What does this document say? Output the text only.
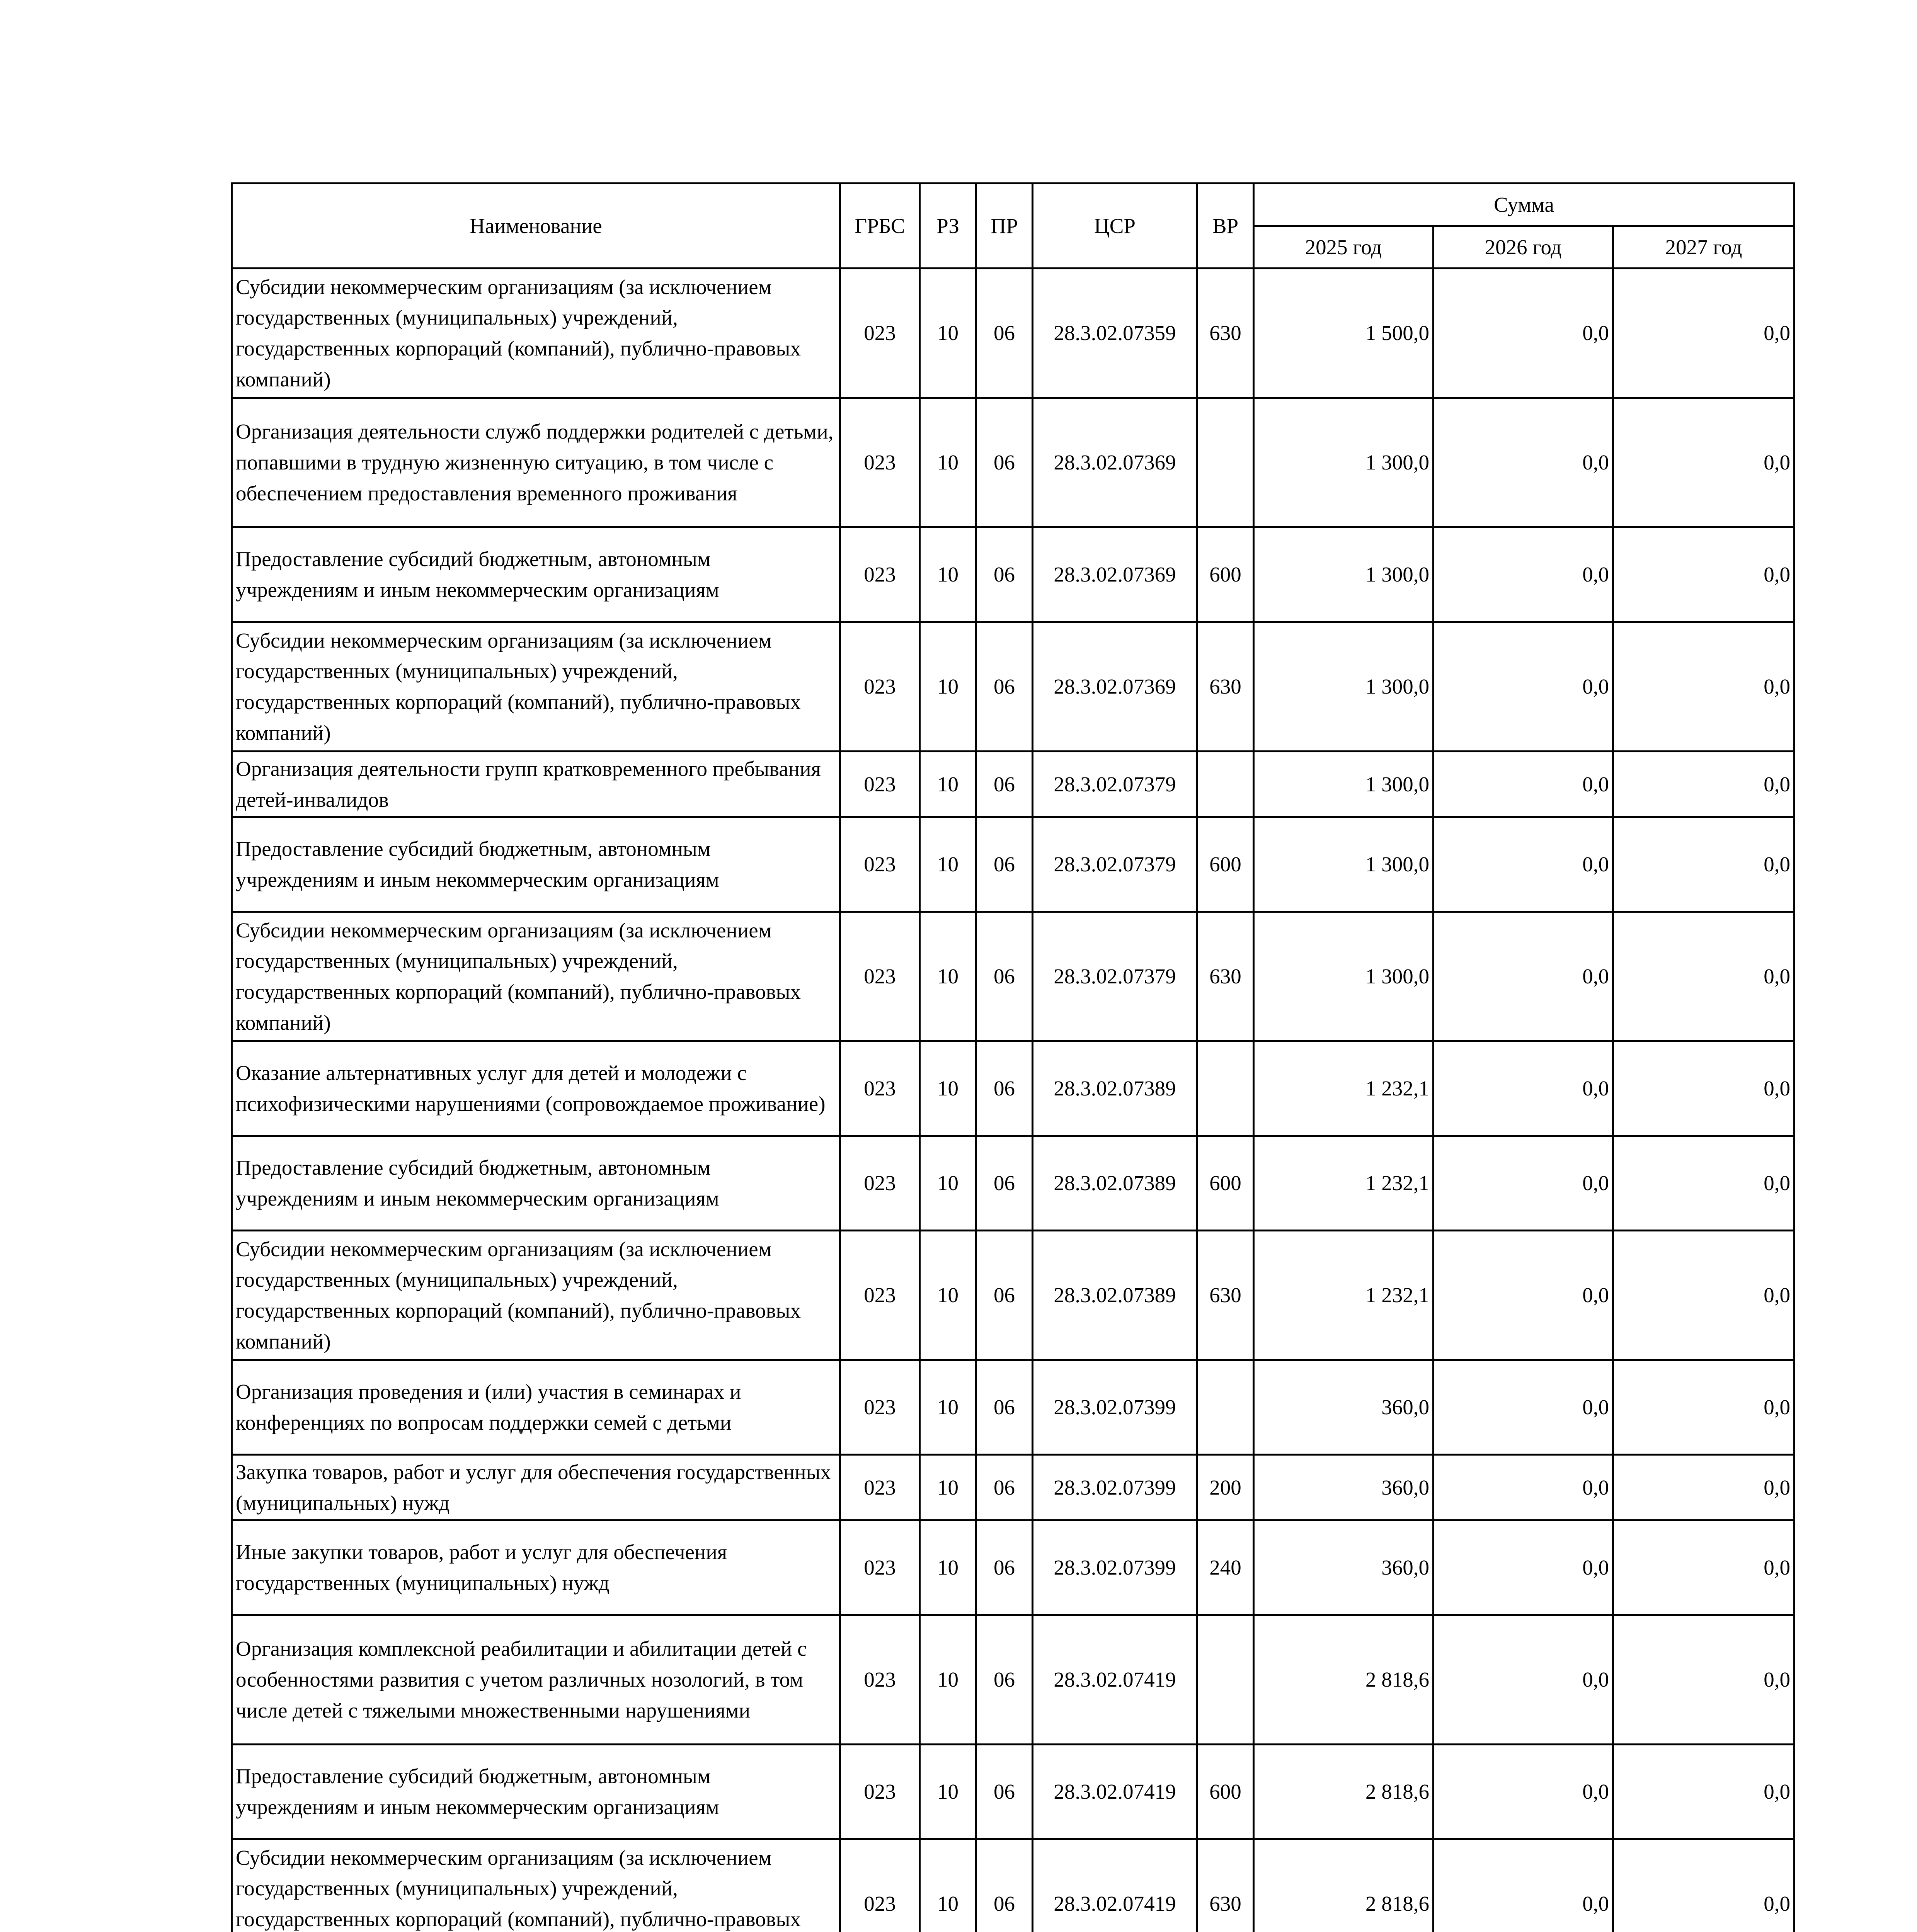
Наименование	ГРБС	РЗ	ПР	ЦСР	ВР	Сумма		
						2025 год	2026 год	2027 год
Субсидии некоммерческим организациям (за исключением государственных (муниципальных) учреждений, государственных корпораций (компаний), публично-правовых компаний)	023	10	06	28.3.02.07359	630	1 500,0	0,0	0,0
Организация деятельности служб поддержки родителей с детьми, попавшими в трудную жизненную ситуацию, в том числе с обеспечением предоставления временного проживания	023	10	06	28.3.02.07369		1 300,0	0,0	0,0
Предоставление субсидий бюджетным, автономным учреждениям и иным некоммерческим организациям	023	10	06	28.3.02.07369	600	1 300,0	0,0	0,0
Субсидии некоммерческим организациям (за исключением государственных (муниципальных) учреждений, государственных корпораций (компаний), публично-правовых компаний)	023	10	06	28.3.02.07369	630	1 300,0	0,0	0,0
Организация деятельности групп кратковременного пребывания детей-инвалидов	023	10	06	28.3.02.07379		1 300,0	0,0	0,0
Предоставление субсидий бюджетным, автономным учреждениям и иным некоммерческим организациям	023	10	06	28.3.02.07379	600	1 300,0	0,0	0,0
Субсидии некоммерческим организациям (за исключением государственных (муниципальных) учреждений, государственных корпораций (компаний), публично-правовых компаний)	023	10	06	28.3.02.07379	630	1 300,0	0,0	0,0
Оказание альтернативных услуг для детей и молодежи с психофизическими нарушениями (сопровождаемое проживание)	023	10	06	28.3.02.07389		1 232,1	0,0	0,0
Предоставление субсидий бюджетным, автономным учреждениям и иным некоммерческим организациям	023	10	06	28.3.02.07389	600	1 232,1	0,0	0,0
Субсидии некоммерческим организациям (за исключением государственных (муниципальных) учреждений, государственных корпораций (компаний), публично-правовых компаний)	023	10	06	28.3.02.07389	630	1 232,1	0,0	0,0
Организация проведения и (или) участия в семинарах и конференциях по вопросам поддержки семей с детьми	023	10	06	28.3.02.07399		360,0	0,0	0,0
Закупка товаров, работ и услуг для обеспечения государственных (муниципальных) нужд	023	10	06	28.3.02.07399	200	360,0	0,0	0,0
Иные закупки товаров, работ и услуг для обеспечения государственных (муниципальных) нужд	023	10	06	28.3.02.07399	240	360,0	0,0	0,0
Организация комплексной реабилитации и абилитации детей с особенностями развития с учетом различных нозологий, в том числе детей с тяжелыми множественными нарушениями	023	10	06	28.3.02.07419		2 818,6	0,0	0,0
Предоставление субсидий бюджетным, автономным учреждениям и иным некоммерческим организациям	023	10	06	28.3.02.07419	600	2 818,6	0,0	0,0
Субсидии некоммерческим организациям (за исключением государственных (муниципальных) учреждений, государственных корпораций (компаний), публично-правовых	023	10	06	28.3.02.07419	630	2 818,6	0,0	0,0
